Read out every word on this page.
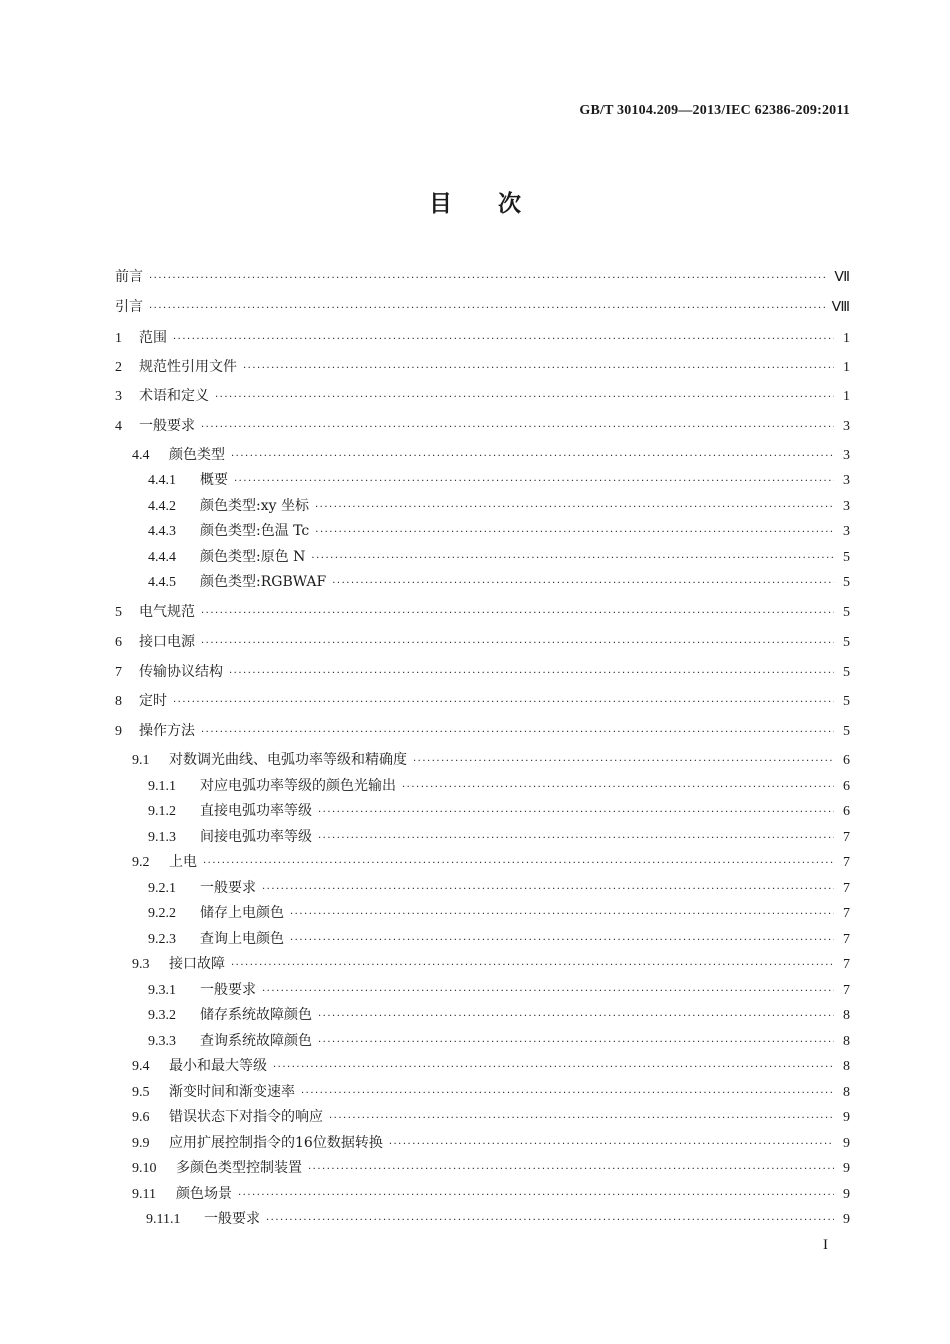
GB/T 30104.209—2013/IEC 62386-209:2011
目次
前言 ·····	Ⅶ
引言 ·····	Ⅷ
1	范围 ·····	1
2	规范性引用文件 ·····	1
3	术语和定义 ·····	1
4	一般要求 ·····	3
4.4	颜色类型 ·····	3
4.4.1	概要 ·····	3
4.4.2	颜色类型:xy 坐标 ·····	3
4.4.3	颜色类型:色温 Tc ·····	3
4.4.4	颜色类型:原色 N ·····	5
4.4.5	颜色类型:RGBWAF ·····	5
5	电气规范 ·····	5
6	接口电源 ·····	5
7	传输协议结构 ·····	5
8	定时 ·····	5
9	操作方法 ·····	5
9.1	对数调光曲线、电弧功率等级和精确度 ·····	6
9.1.1	对应电弧功率等级的颜色光输出 ·····	6
9.1.2	直接电弧功率等级 ·····	6
9.1.3	间接电弧功率等级 ·····	7
9.2	上电 ·····	7
9.2.1	一般要求 ·····	7
9.2.2	储存上电颜色 ·····	7
9.2.3	查询上电颜色 ·····	7
9.3	接口故障 ·····	7
9.3.1	一般要求 ·····	7
9.3.2	储存系统故障颜色 ·····	8
9.3.3	查询系统故障颜色 ·····	8
9.4	最小和最大等级 ·····	8
9.5	渐变时间和渐变速率 ·····	8
9.6	错误状态下对指令的响应 ·····	9
9.9	应用扩展控制指令的16位数据转换 ·····	9
9.10	多颜色类型控制装置 ·····	9
9.11	颜色场景 ·····	9
9.11.1	一般要求 ·····	9
I
